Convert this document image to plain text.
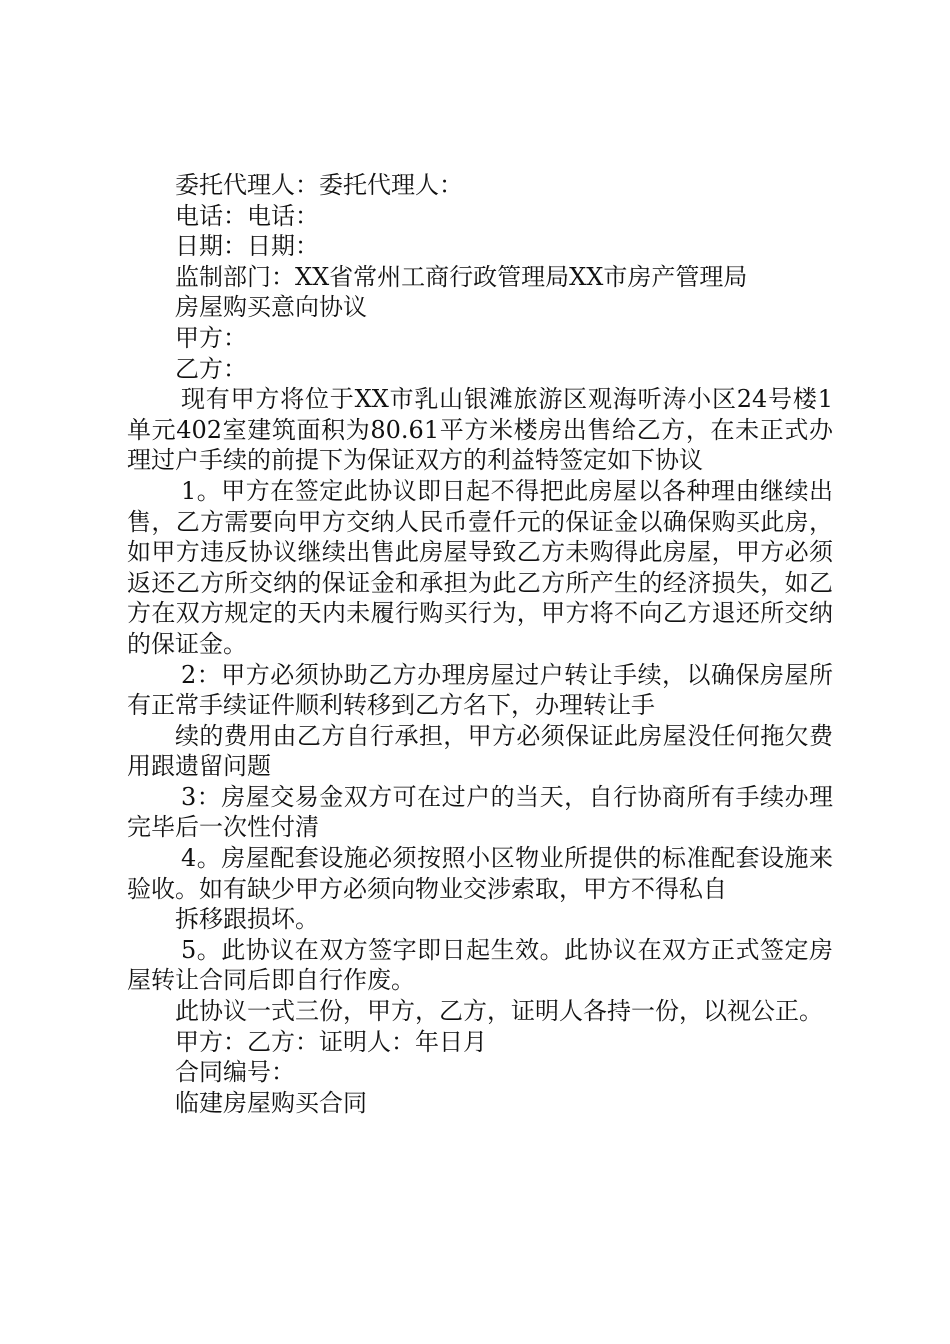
委托代理人：委托代理人：

电话：电话：

日期：日期：

监制部门：XX省常州工商行政管理局XX市房产管理局

房屋购买意向协议

甲方：

乙方：

现有甲方将位于XX市乳山银滩旅游区观海听涛小区24号楼1单元402室建筑面积为80.61平方米楼房出售给乙方，在未正式办理过户手续的前提下为保证双方的利益特签定如下协议

1。甲方在签定此协议即日起不得把此房屋以各种理由继续出售，乙方需要向甲方交纳人民币壹仟元的保证金以确保购买此房，如甲方违反协议继续出售此房屋导致乙方未购得此房屋，甲方必须返还乙方所交纳的保证金和承担为此乙方所产生的经济损失，如乙方在双方规定的天内未履行购买行为，甲方将不向乙方退还所交纳的保证金。

2：甲方必须协助乙方办理房屋过户转让手续，以确保房屋所有正常手续证件顺利转移到乙方名下，办理转让手

续的费用由乙方自行承担，甲方必须保证此房屋没任何拖欠费用跟遗留问题

3：房屋交易金双方可在过户的当天，自行协商所有手续办理完毕后一次性付清

4。房屋配套设施必须按照小区物业所提供的标准配套设施来验收。如有缺少甲方必须向物业交涉索取，甲方不得私自

拆移跟损坏。

5。此协议在双方签字即日起生效。此协议在双方正式签定房屋转让合同后即自行作废。

此协议一式三份，甲方，乙方，证明人各持一份，以视公正。

甲方：乙方：证明人：年日月

合同编号：

临建房屋购买合同
